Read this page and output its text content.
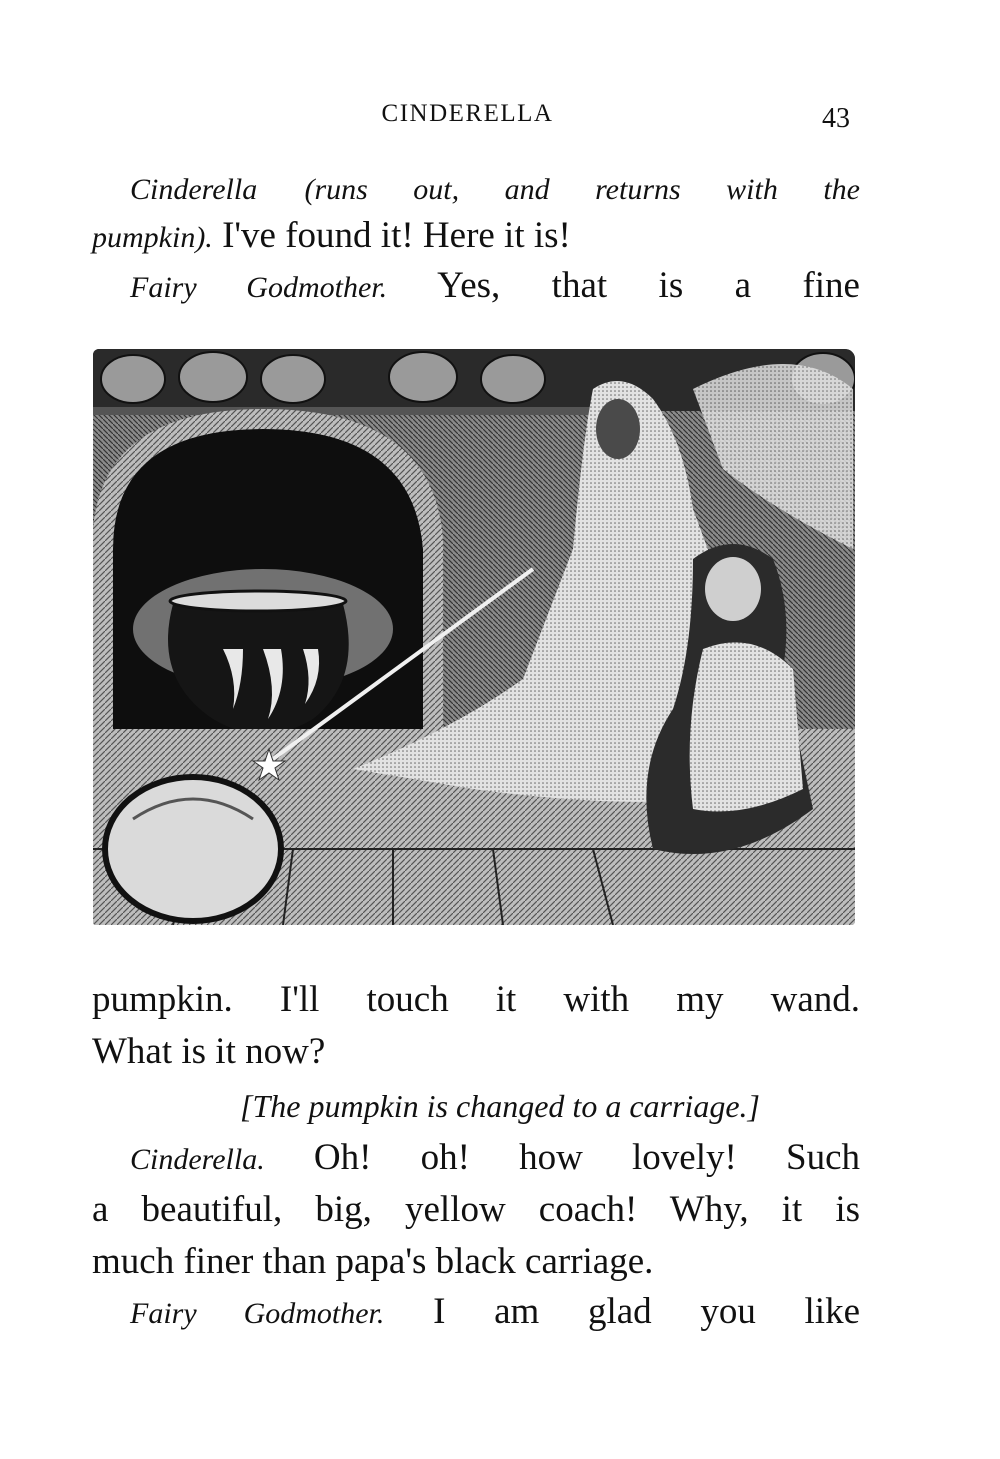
CINDERELLA	43
Cinderella (runs out, and returns with the
pumpkin). I've found it! Here it is!
Fairy Godmother. Yes, that is a fine
pumpkin. I'll touch it with my wand.
What is it now?
[The pumpkin is changed to a carriage.]
Cinderella. Oh! oh! how lovely! Such
a beautiful, big, yellow coach! Why, it is
much finer than papa's black carriage.
Fairy Godmother. I am glad you like
